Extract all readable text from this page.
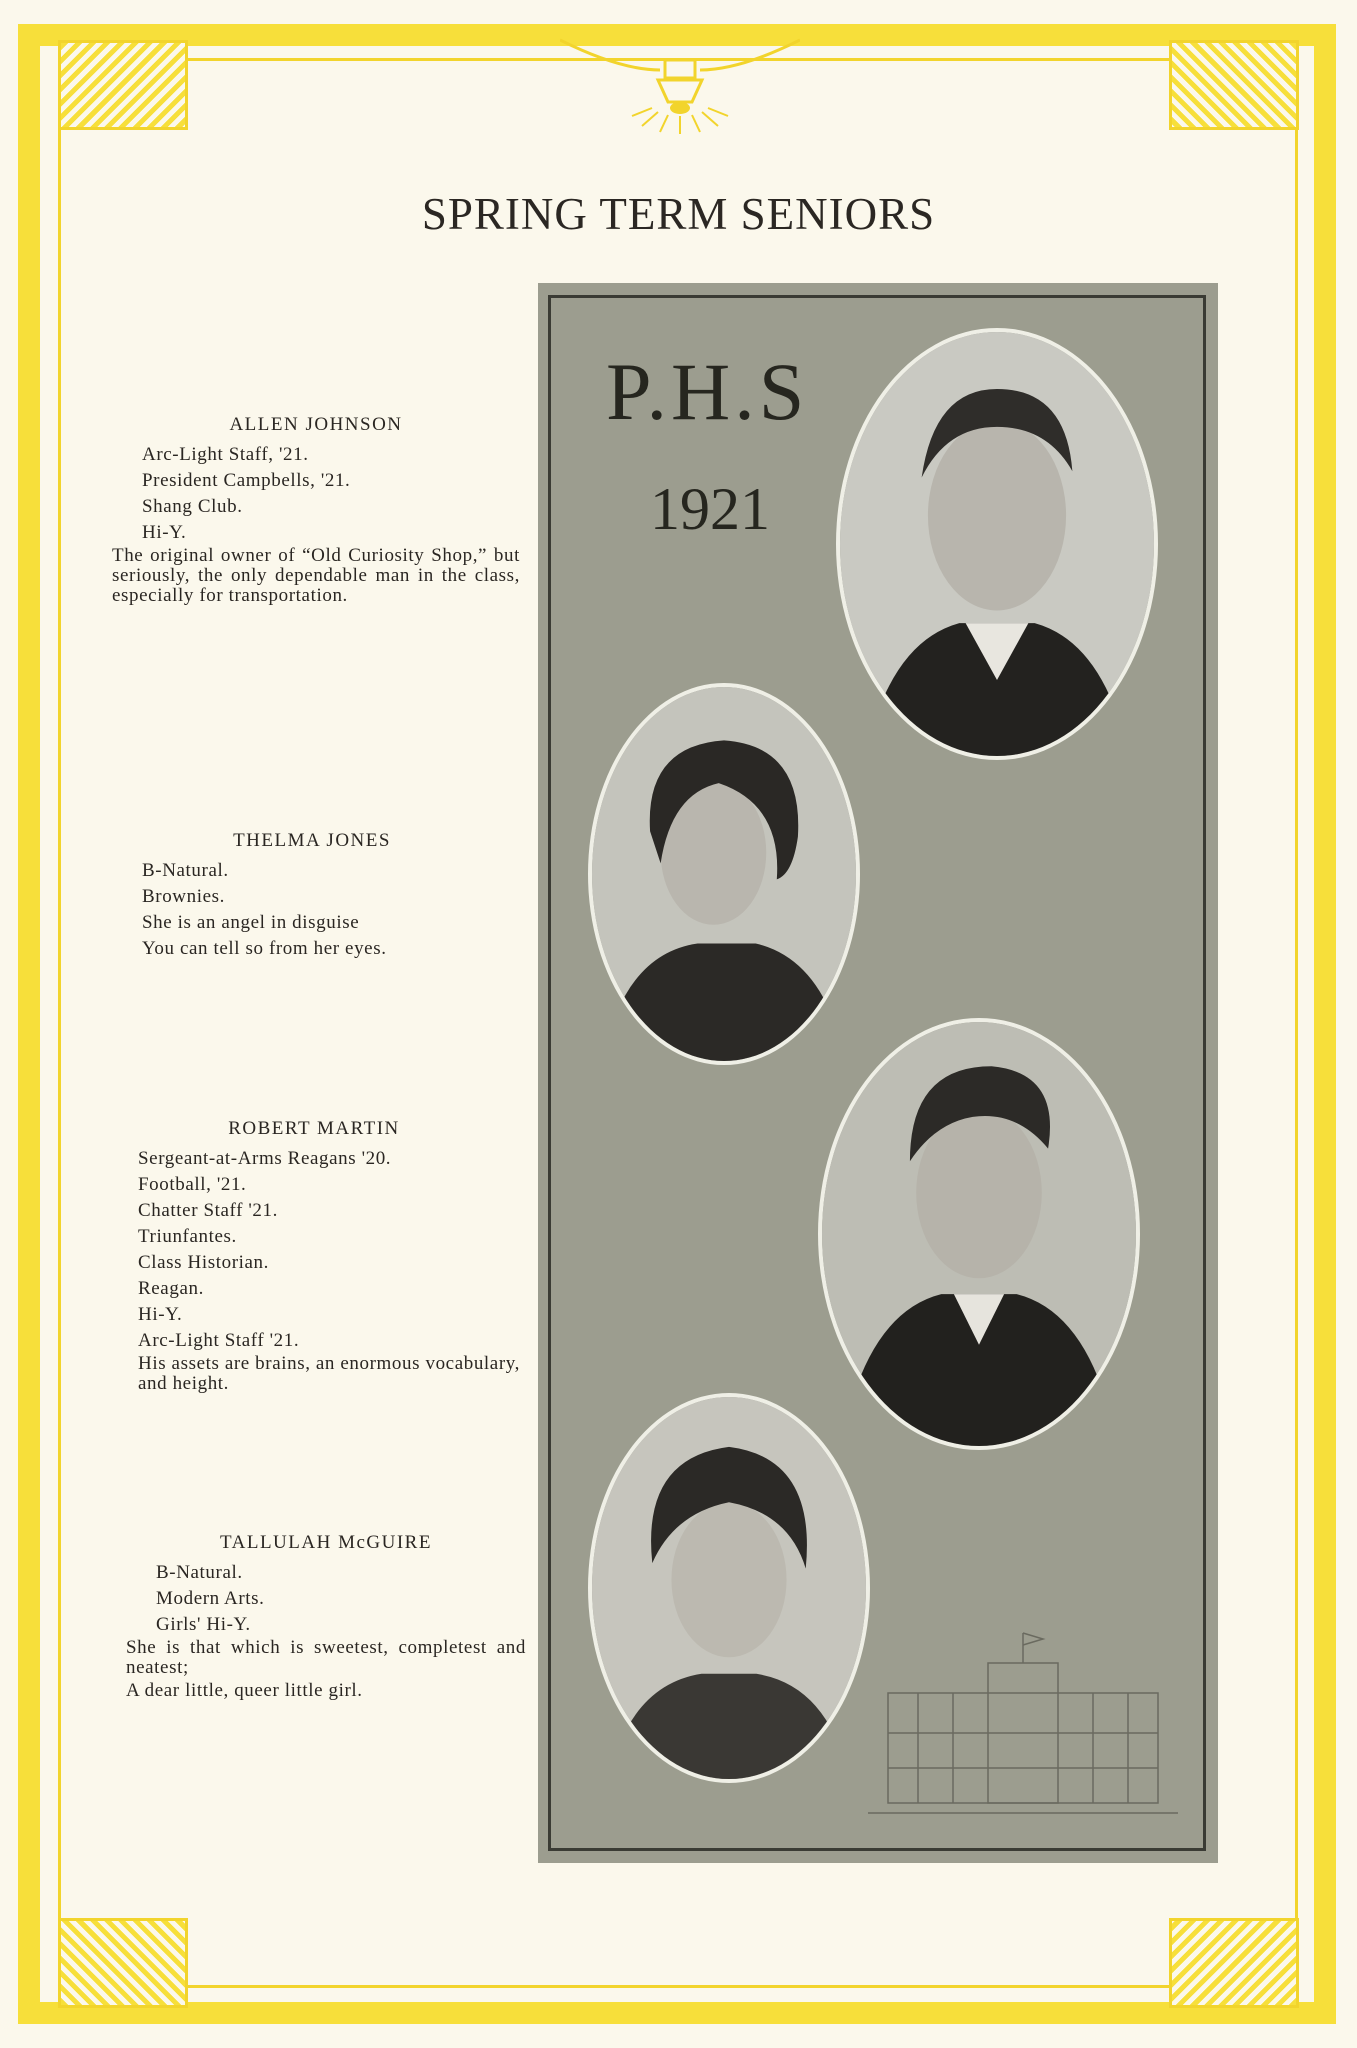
SPRING TERM SENIORS
ALLEN JOHNSON
Arc-Light Staff, '21.
President Campbells, '21.
Shang Club.
Hi-Y.
The original owner of “Old Curiosity Shop,” but seriously, the only dependable man in the class, especially for transportation.
THELMA JONES
B-Natural.
Brownies.
She is an angel in disguise
You can tell so from her eyes.
ROBERT MARTIN
Sergeant-at-Arms Reagans '20.
Football, '21.
Chatter Staff '21.
Triunfantes.
Class Historian.
Reagan.
Hi-Y.
Arc-Light Staff '21.
His assets are brains, an enormous vocabulary, and height.
TALLULAH McGUIRE
B-Natural.
Modern Arts.
Girls' Hi-Y.
She is that which is sweetest, completest and neatest;
A dear little, queer little girl.
P.H.S
1921
